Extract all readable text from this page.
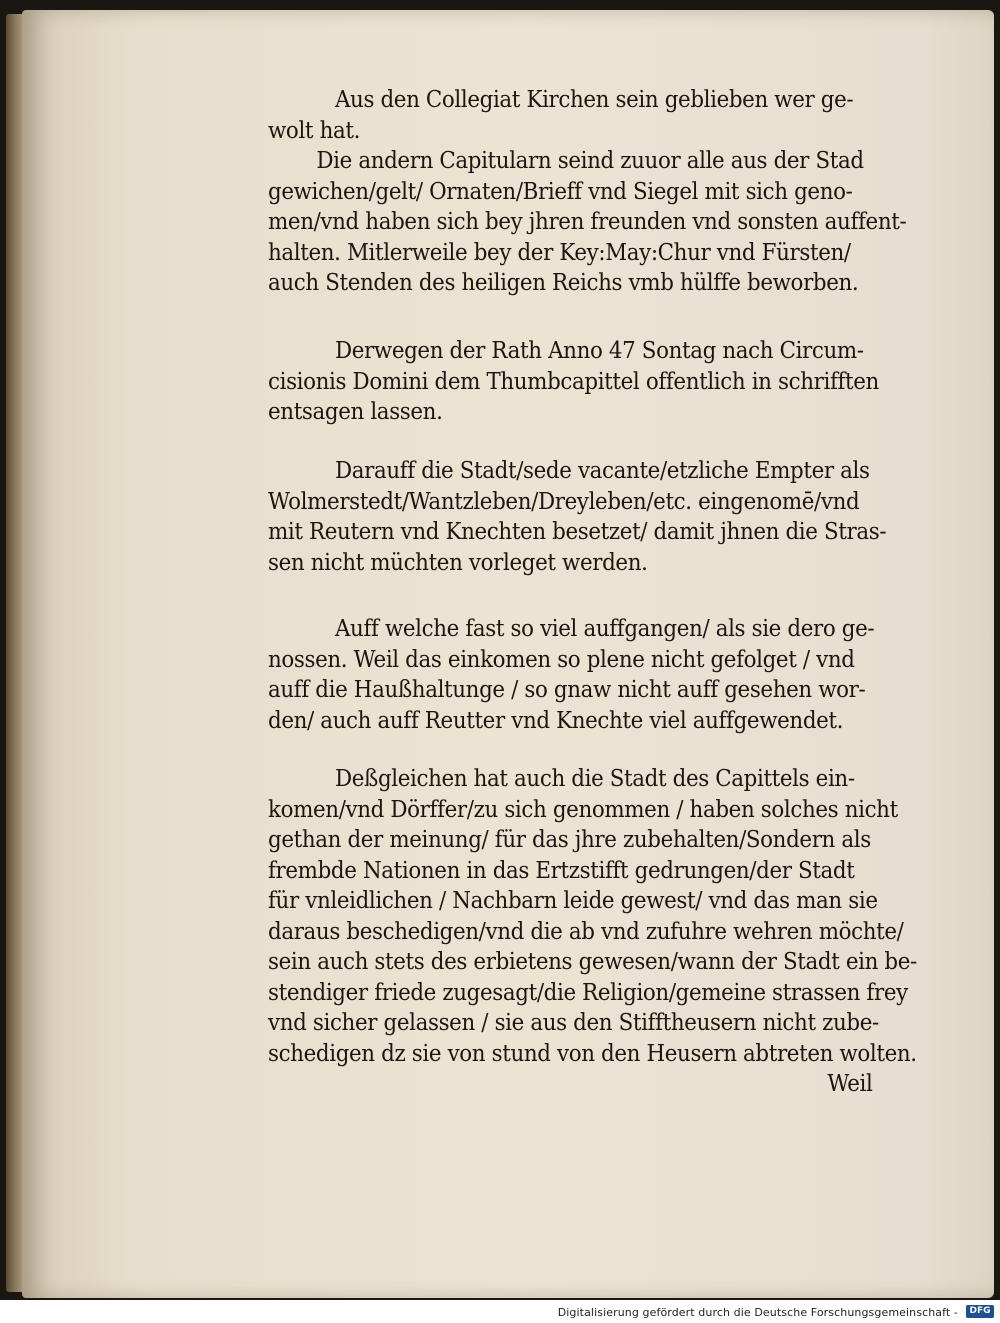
Aus den Collegiat Kirchen sein geblieben wer ge-
wolt hat.
Die andern Capitularn seind zuuor alle aus der Stad
gewichen/gelt/ Ornaten/Brieff vnd Siegel mit sich geno-
men/vnd haben sich bey jhren freunden vnd sonsten auffent-
halten. Mitlerweile bey der Key:May:Chur vnd Fürsten/
auch Stenden des heiligen Reichs vmb hülffe beworben.
Derwegen der Rath Anno 47 Sontag nach Circum-
cisionis Domini dem Thumbcapittel offentlich in schrifften
entsagen lassen.
Darauff die Stadt/sede vacante/etzliche Empter als
Wolmerstedt/Wantzleben/Dreyleben/etc. eingenomē/vnd
mit Reutern vnd Knechten besetzet/ damit jhnen die Stras-
sen nicht müchten vorleget werden.
Auff welche fast so viel auffgangen/ als sie dero ge-
nossen. Weil das einkomen so plene nicht gefolget / vnd
auff die Haußhaltunge / so gnaw nicht auff gesehen wor-
den/ auch auff Reutter vnd Knechte viel auffgewendet.
Deßgleichen hat auch die Stadt des Capittels ein-
komen/vnd Dörffer/zu sich genommen / haben solches nicht
gethan der meinung/ für das jhre zubehalten/Sondern als
frembde Nationen in das Ertzstifft gedrungen/der Stadt
für vnleidlichen / Nachbarn leide gewest/ vnd das man sie
daraus beschedigen/vnd die ab vnd zufuhre wehren möchte/
sein auch stets des erbietens gewesen/wann der Stadt ein be-
stendiger friede zugesagt/die Religion/gemeine strassen frey
vnd sicher gelassen / sie aus den Stifftheusern nicht zube-
schedigen dz sie von stund von den Heusern abtreten wolten.
Weil
Digitalisierung gefördert durch die Deutsche Forschungsgemeinschaft -	DFG
